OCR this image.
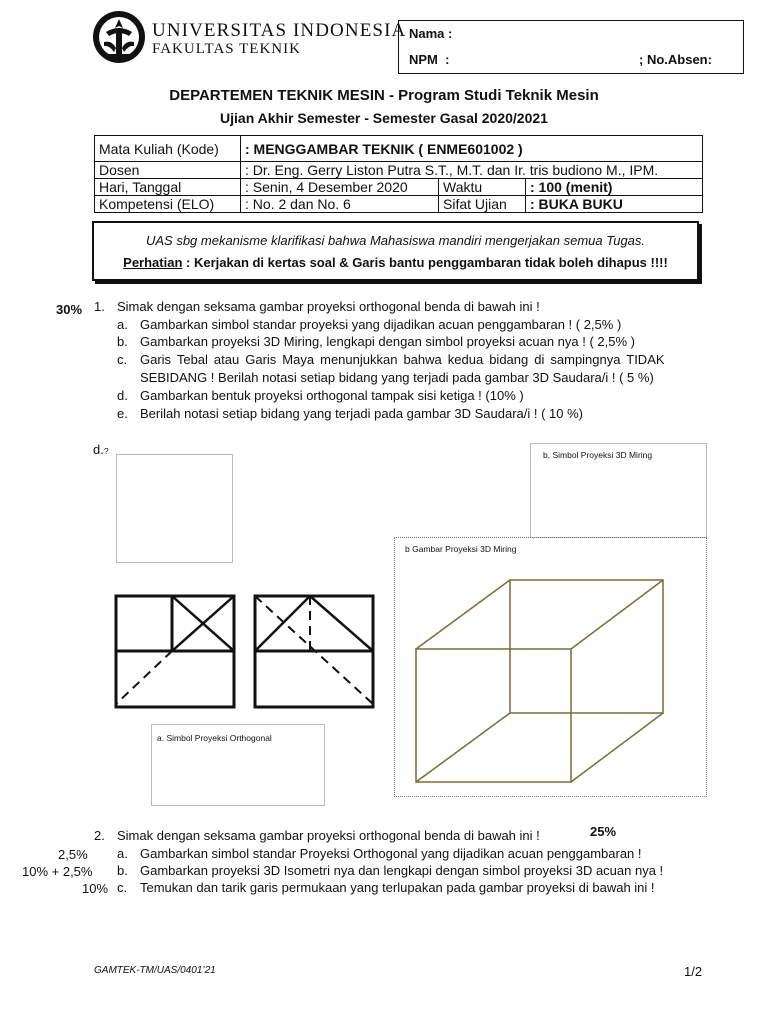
UNIVERSITAS INDONESIA
FAKULTAS TEKNIK
Nama :
NPM  :	; No.Absen:
DEPARTEMEN TEKNIK MESIN - Program Studi Teknik Mesin
Ujian Akhir Semester - Semester Gasal 2020/2021
Mata Kuliah (Kode)	: MENGGAMBAR TEKNIK ( ENME601002 )		
Dosen	: Dr. Eng. Gerry Liston Putra S.T., M.T. dan Ir. tris budiono M., IPM.		
Hari, Tanggal	: Senin, 4 Desember 2020	Waktu	: 100 (menit)
Kompetensi (ELO)	: No. 2 dan No. 6	Sifat Ujian	: BUKA BUKU
UAS sbg mekanisme klarifikasi bahwa Mahasiswa mandiri mengerjakan semua Tugas.
Perhatian : Kerjakan di kertas soal & Garis bantu penggambaran tidak boleh dihapus !!!!
30% 1. Simak dengan seksama gambar proyeksi orthogonal benda di bawah ini !
a. Gambarkan simbol standar proyeksi yang dijadikan acuan penggambaran ! ( 2,5% )
b. Gambarkan proyeksi 3D Miring, lengkapi dengan simbol proyeksi acuan nya ! ( 2,5% )
c. Garis Tebal atau Garis Maya menunjukkan bahwa kedua bidang di sampingnya TIDAK
SEBIDANG ! Berilah notasi setiap bidang yang terjadi pada gambar 3D Saudara/i ! ( 5 %)
d. Gambarkan bentuk proyeksi orthogonal tampak sisi ketiga ! (10% )
e. Berilah notasi setiap bidang yang terjadi pada gambar 3D Saudara/i ! ( 10 %)
d.?	b. Simbol Proyeksi 3D Miring
b Gambar Proyeksi 3D Miring
a. Simbol Proyeksi Orthogonal
2. Simak dengan seksama gambar proyeksi orthogonal benda di bawah ini !	25%
2,5% a. Gambarkan simbol standar Proyeksi Orthogonal yang dijadikan acuan penggambaran !
10% + 2,5% b. Gambarkan proyeksi 3D Isometri nya dan lengkapi dengan simbol proyeksi 3D acuan nya !
10% c. Temukan dan tarik garis permukaan yang terlupakan pada gambar proyeksi di bawah ini !
GAMTEK-TM/UAS/0401’21	1/2
